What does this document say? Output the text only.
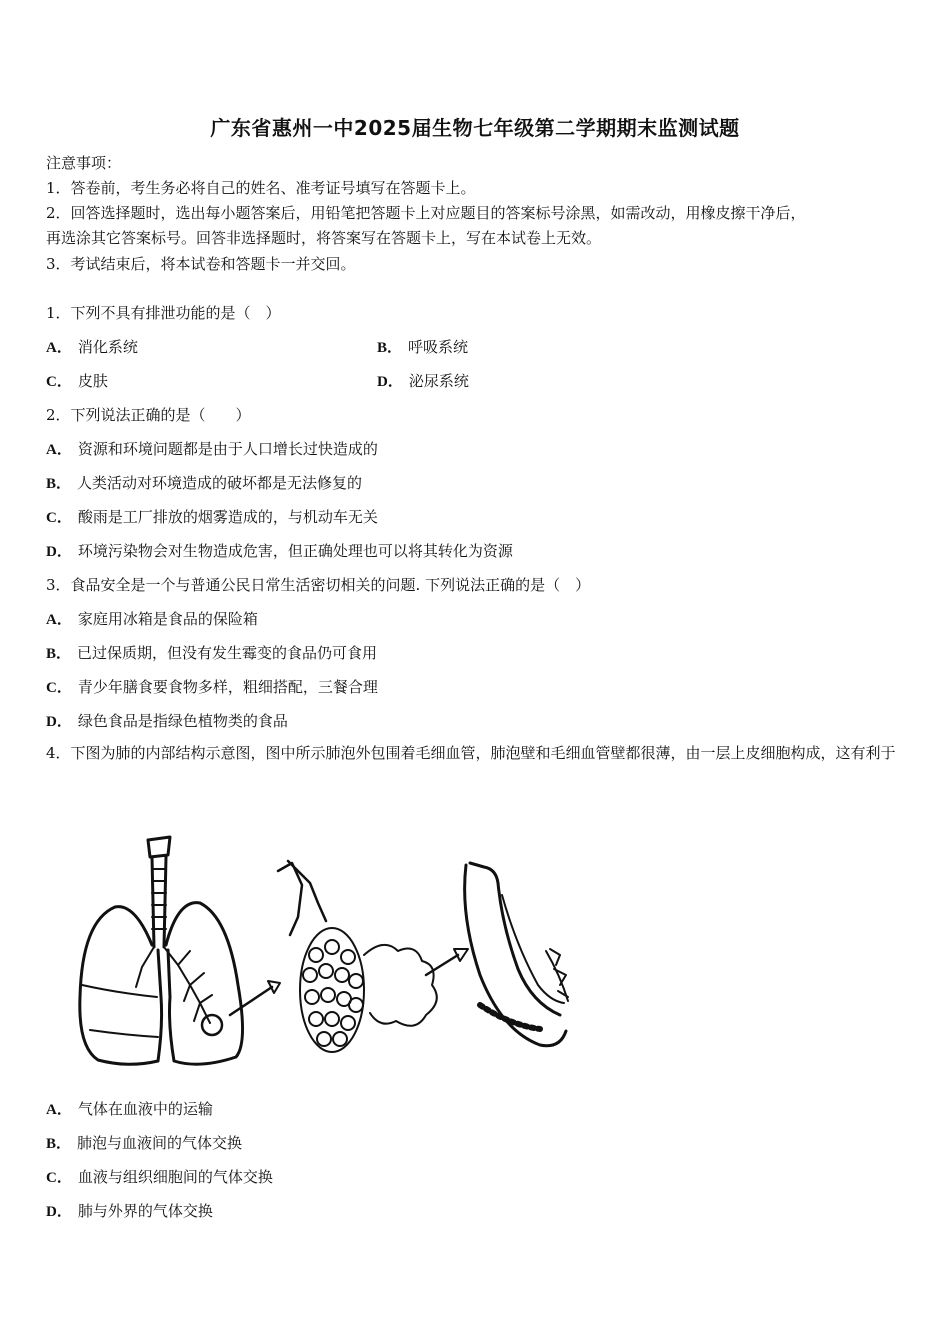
广东省惠州一中2025届生物七年级第二学期期末监测试题
注意事项：
1．答卷前，考生务必将自己的姓名、准考证号填写在答题卡上。
2．回答选择题时，选出每小题答案后，用铅笔把答题卡上对应题目的答案标号涂黑，如需改动，用橡皮擦干净后，
再选涂其它答案标号。回答非选择题时，将答案写在答题卡上，写在本试卷上无效。
3．考试结束后，将本试卷和答题卡一并交回。
1．下列不具有排泄功能的是（　）
A． 消化系统	B． 呼吸系统
C． 皮肤	D． 泌尿系统
2．下列说法正确的是（　　）
A． 资源和环境问题都是由于人口增长过快造成的
B． 人类活动对环境造成的破坏都是无法修复的
C． 酸雨是工厂排放的烟雾造成的，与机动车无关
D． 环境污染物会对生物造成危害，但正确处理也可以将其转化为资源
3．食品安全是一个与普通公民日常生活密切相关的问题. 下列说法正确的是（　）
A． 家庭用冰箱是食品的保险箱
B． 已过保质期，但没有发生霉变的食品仍可食用
C． 青少年膳食要食物多样，粗细搭配，三餐合理
D． 绿色食品是指绿色植物类的食品
4．下图为肺的内部结构示意图，图中所示肺泡外包围着毛细血管，肺泡壁和毛细血管壁都很薄，由一层上皮细胞构成，这有利于
A． 气体在血液中的运输
B． 肺泡与血液间的气体交换
C． 血液与组织细胞间的气体交换
D． 肺与外界的气体交换
